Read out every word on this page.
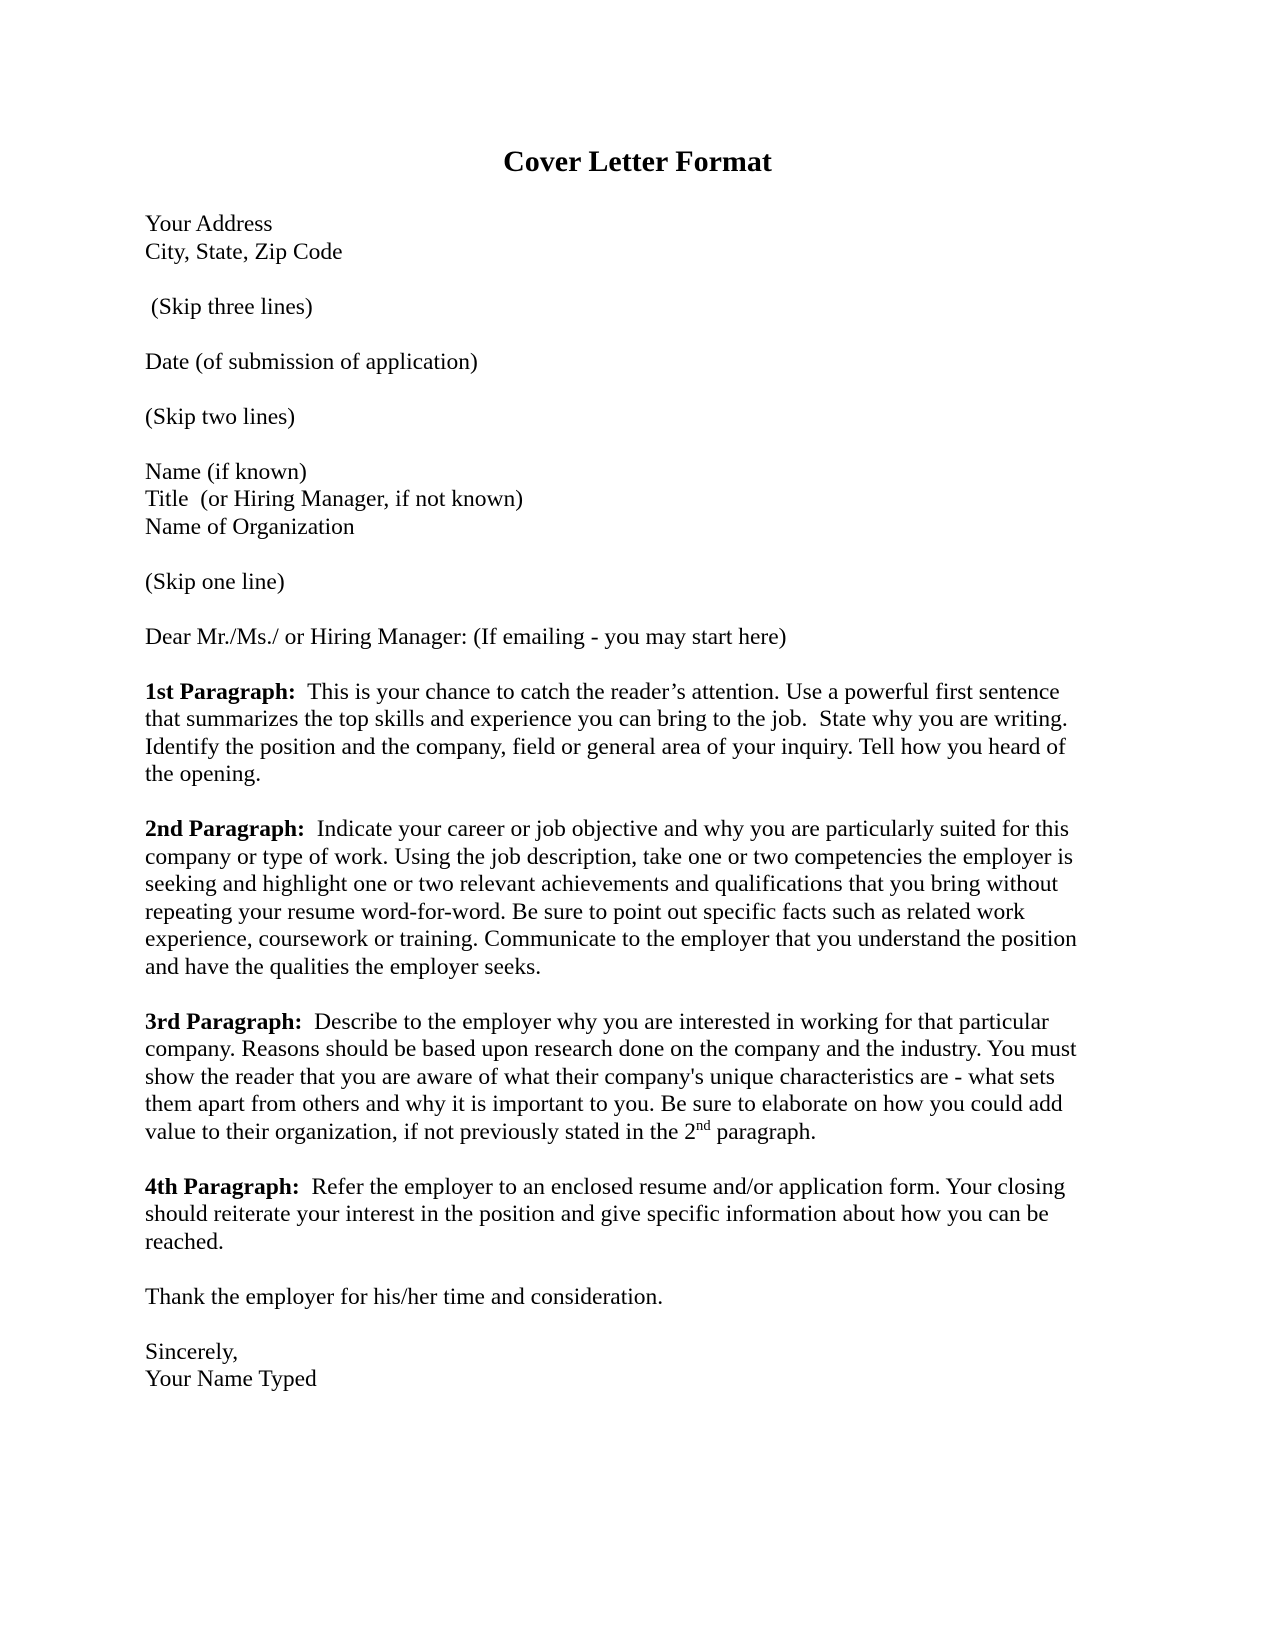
Cover Letter Format

Your Address
City, State, Zip Code

(Skip three lines)

Date (of submission of application)

(Skip two lines)

Name (if known)
Title  (or Hiring Manager, if not known)
Name of Organization

(Skip one line)

Dear Mr./Ms./ or Hiring Manager: (If emailing - you may start here)

1st Paragraph:  This is your chance to catch the reader’s attention. Use a powerful first sentence that summarizes the top skills and experience you can bring to the job.  State why you are writing. Identify the position and the company, field or general area of your inquiry. Tell how you heard of the opening.

2nd Paragraph:  Indicate your career or job objective and why you are particularly suited for this company or type of work. Using the job description, take one or two competencies the employer is seeking and highlight one or two relevant achievements and qualifications that you bring without repeating your resume word-for-word. Be sure to point out specific facts such as related work experience, coursework or training. Communicate to the employer that you understand the position and have the qualities the employer seeks.

3rd Paragraph:  Describe to the employer why you are interested in working for that particular company. Reasons should be based upon research done on the company and the industry. You must show the reader that you are aware of what their company's unique characteristics are - what sets them apart from others and why it is important to you. Be sure to elaborate on how you could add value to their organization, if not previously stated in the 2nd paragraph.

4th Paragraph:  Refer the employer to an enclosed resume and/or application form. Your closing should reiterate your interest in the position and give specific information about how you can be reached.

Thank the employer for his/her time and consideration.

Sincerely,
Your Name Typed
